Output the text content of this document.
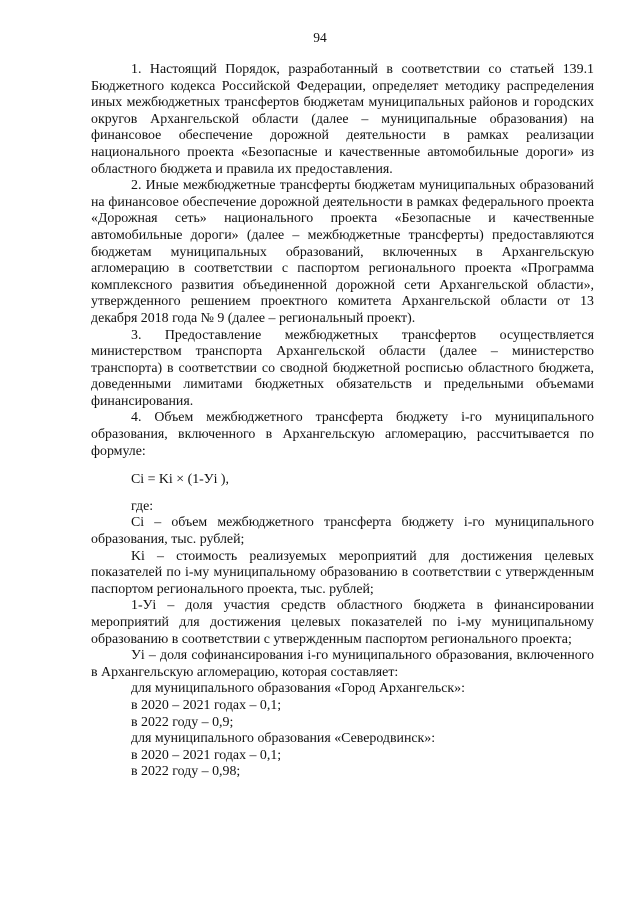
94

1. Настоящий Порядок, разработанный в соответствии со статьей 139.1 Бюджетного кодекса Российской Федерации, определяет методику распределения иных межбюджетных трансфертов бюджетам муниципальных районов и городских округов Архангельской области (далее – муниципальные образования) на финансовое обеспечение дорожной деятельности в рамках реализации национального проекта «Безопасные и качественные автомобильные дороги» из областного бюджета и правила их предоставления.

2. Иные межбюджетные трансферты бюджетам муниципальных образований на финансовое обеспечение дорожной деятельности в рамках федерального проекта «Дорожная сеть» национального проекта «Безопасные и качественные автомобильные дороги» (далее – межбюджетные трансферты) предоставляются бюджетам муниципальных образований, включенных в Архангельскую агломерацию в соответствии с паспортом регионального проекта «Программа комплексного развития объединенной дорожной сети Архангельской области», утвержденного решением проектного комитета Архангельской области от 13 декабря 2018 года № 9 (далее – региональный проект).

3. Предоставление межбюджетных трансфертов осуществляется министерством транспорта Архангельской области (далее – министерство транспорта) в соответствии со сводной бюджетной росписью областного бюджета, доведенными лимитами бюджетных обязательств и предельными объемами финансирования.

4. Объем межбюджетного трансферта бюджету i-го муниципального образования, включенного в Архангельскую агломерацию, рассчитывается по формуле:

Ci = Ki × (1-Уi ),

где:

Ci – объем межбюджетного трансферта бюджету i-го муниципального образования, тыс. рублей;

Ki – стоимость реализуемых мероприятий для достижения целевых показателей по i-му муниципальному образованию в соответствии с утвержденным паспортом регионального проекта, тыс. рублей;

1-Уi – доля участия средств областного бюджета в финансировании мероприятий для достижения целевых показателей по i-му муниципальному образованию в соответствии с утвержденным паспортом регионального проекта;

Уi – доля софинансирования i-го муниципального образования, включенного в Архангельскую агломерацию, которая составляет:

для муниципального образования «Город Архангельск»:

в 2020 – 2021 годах – 0,1;

в 2022 году – 0,9;

для муниципального образования «Северодвинск»:

в 2020 – 2021 годах – 0,1;

в 2022 году – 0,98;
